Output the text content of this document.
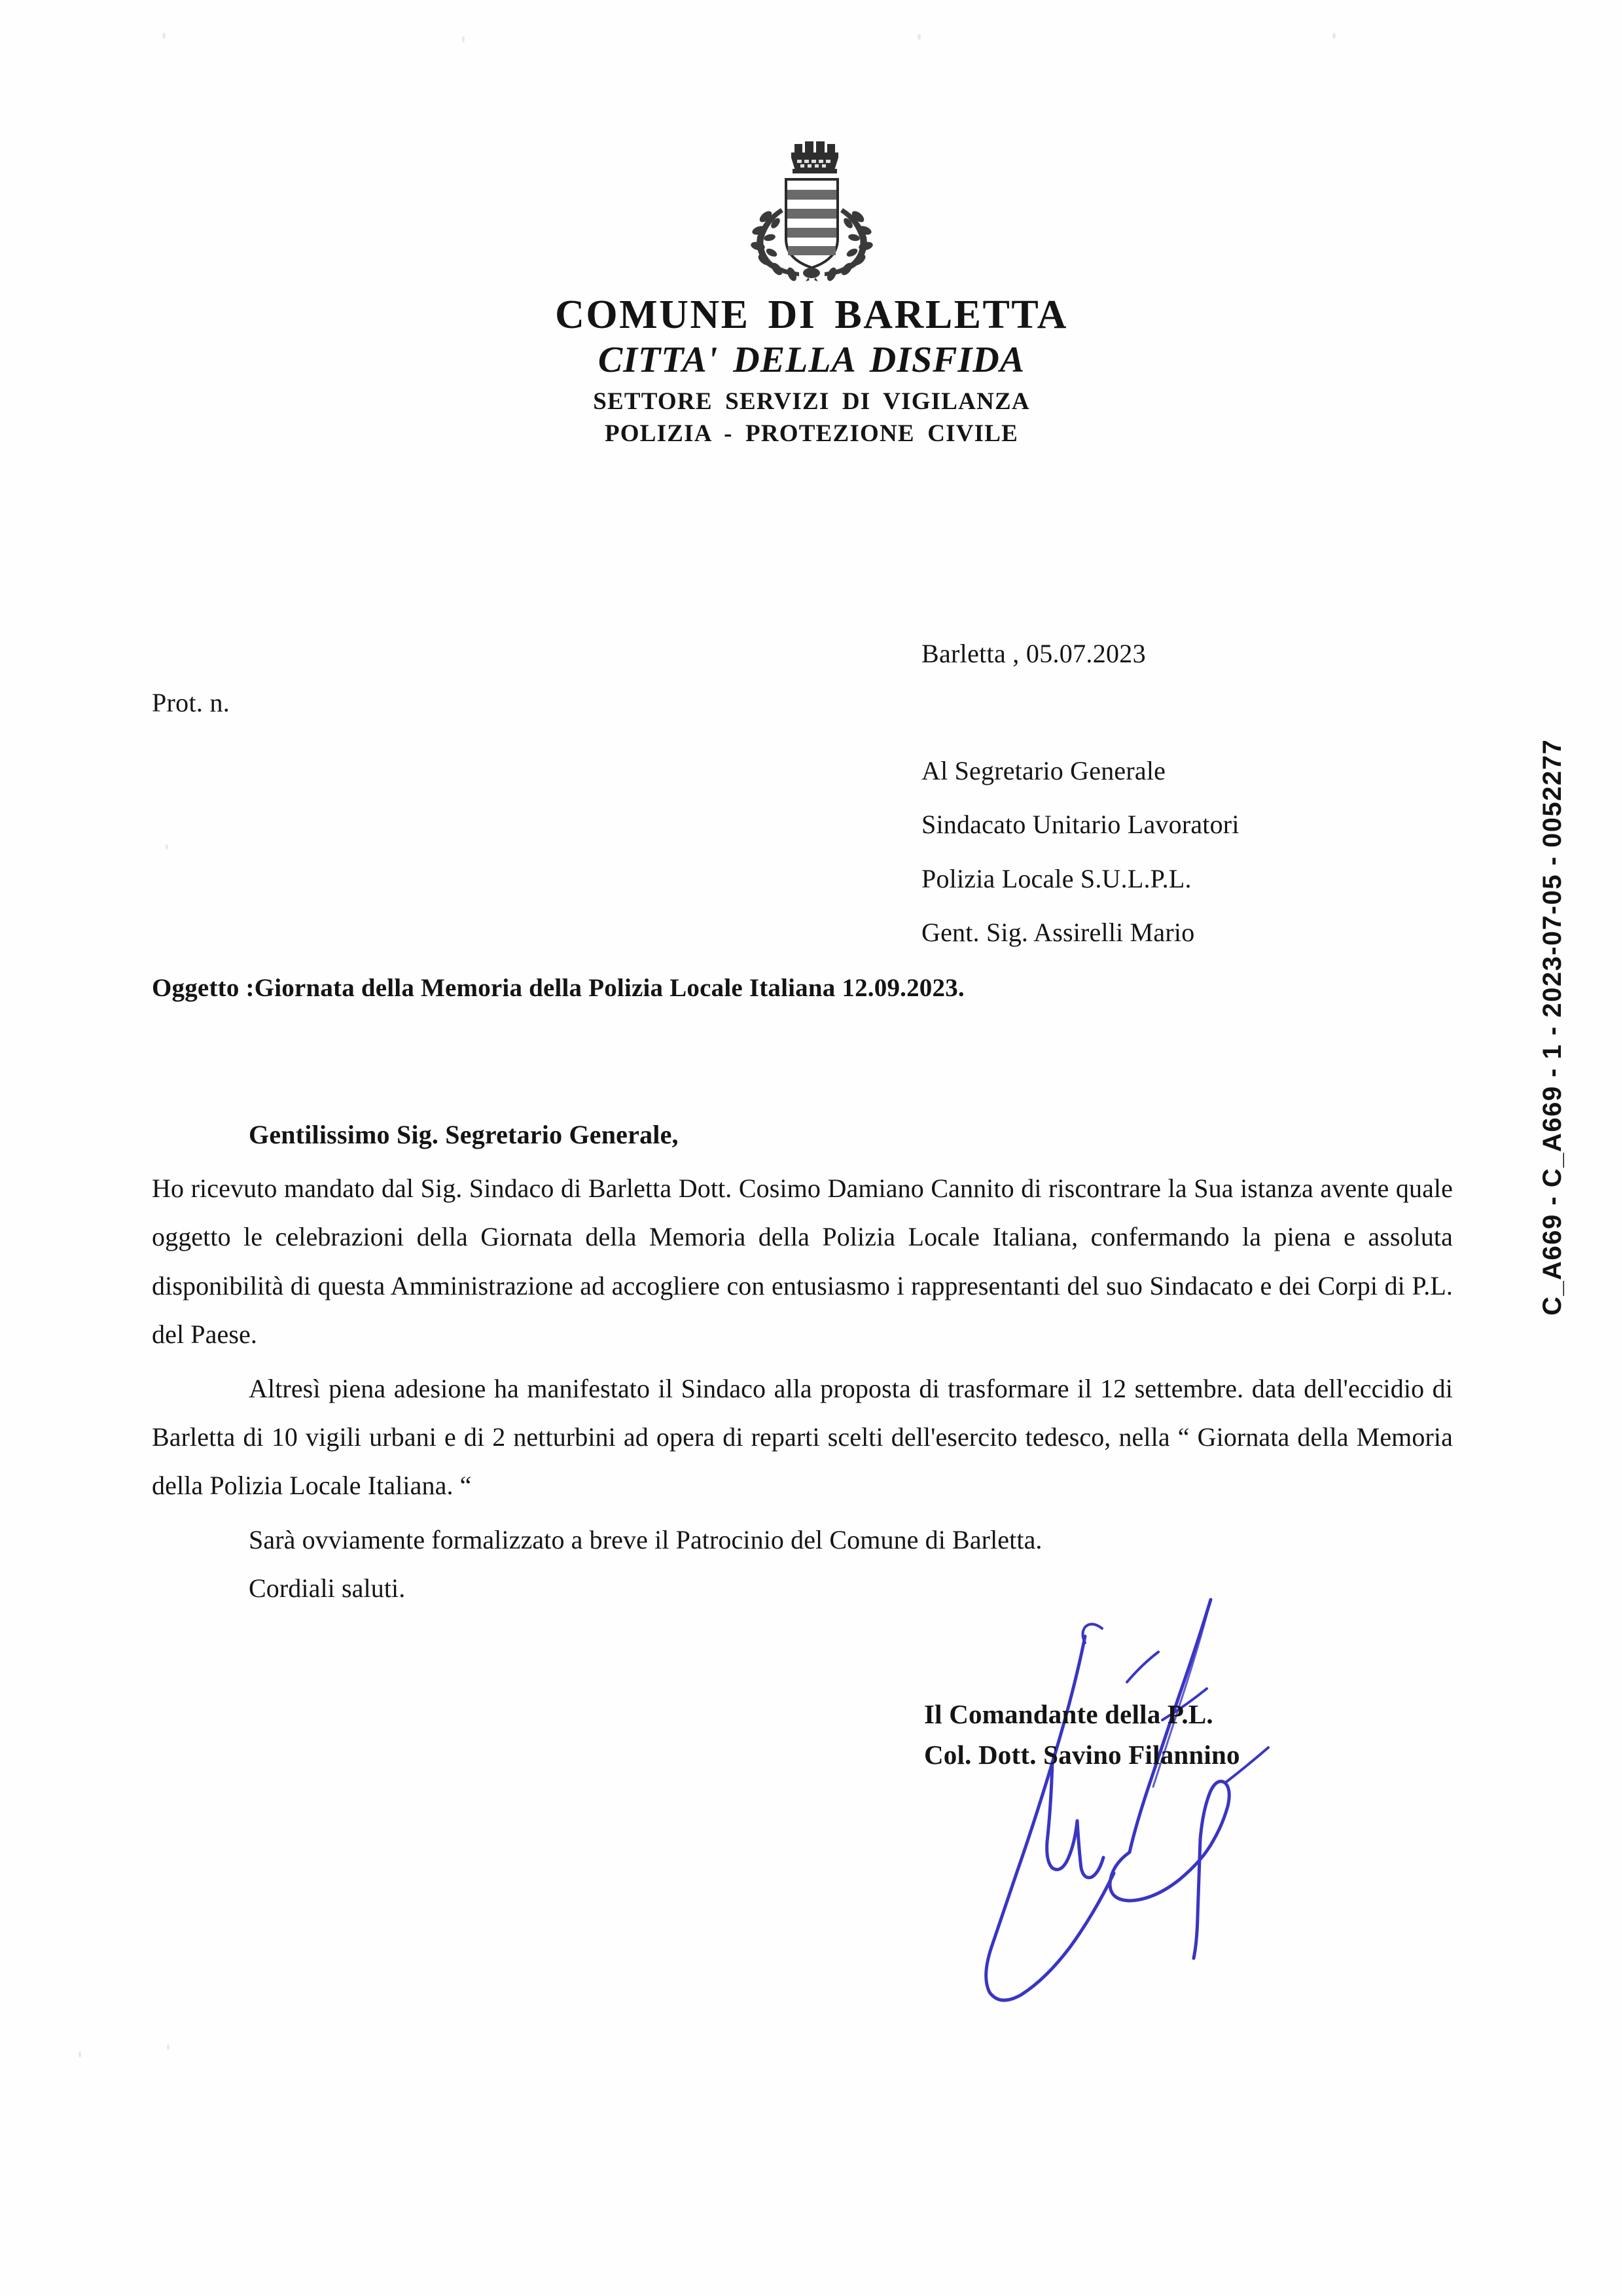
COMUNE DI BARLETTA
CITTA' DELLA DISFIDA
SETTORE SERVIZI DI VIGILANZA
POLIZIA - PROTEZIONE CIVILE
Barletta , 05.07.2023
Prot. n.
Al Segretario Generale
Sindacato Unitario Lavoratori
Polizia Locale S.U.L.P.L.
Gent. Sig. Assirelli Mario
Oggetto :Giornata della Memoria della Polizia Locale Italiana 12.09.2023.
Gentilissimo Sig. Segretario Generale,

Ho ricevuto mandato dal Sig. Sindaco di Barletta Dott. Cosimo Damiano Cannito di riscontrare la Sua istanza avente quale oggetto le celebrazioni della Giornata della Memoria della Polizia Locale Italiana, confermando la piena e assoluta disponibilità di questa Amministrazione ad accogliere con entusiasmo i rappresentanti del suo Sindacato e dei Corpi di P.L. del Paese.

Altresì piena adesione ha manifestato il Sindaco alla proposta di trasformare il 12 settembre. data dell'eccidio di Barletta di 10 vigili urbani e di 2 netturbini ad opera di reparti scelti dell'esercito tedesco, nella “ Giornata della Memoria della Polizia Locale Italiana. “

Sarà ovviamente formalizzato a breve il Patrocinio del Comune di Barletta.
Cordiali saluti.
Il Comandante della P.L.
Col. Dott. Savino Filannino
C_A669 - C_A669 - 1 - 2023-07-05 - 0052277
